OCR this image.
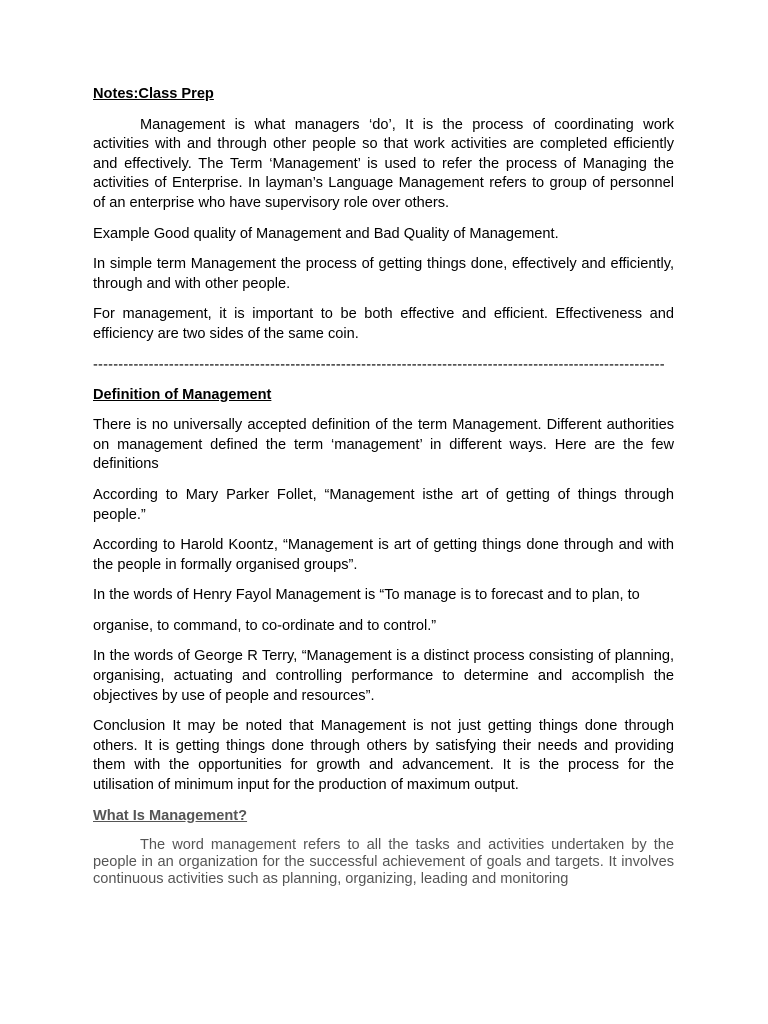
Notes:Class Prep

Management is what managers ‘do’, It is the process of coordinating work activities with and through other people so that work activities are completed efficiently and effectively. The Term ‘Management’ is used to refer the process of Managing the activities of Enterprise. In layman’s Language Management refers to group of personnel of an enterprise who have supervisory role over others.

Example Good quality of Management and Bad Quality of Management.

In simple term Management the process of getting things done, effectively and efficiently, through and with other people.

For management, it is important to be both effective and efficient. Effectiveness and efficiency are two sides of the same coin.

-----------------------------------------------------------------------------------------------------------------
Definition of Management

There is no universally accepted definition of the term Management. Different authorities on management defined the term ‘management’ in different ways. Here are the few definitions

According to Mary Parker Follet, “Management isthe art of getting of things through people.”

According to Harold Koontz, “Management is art of getting things done through and with the people in formally organised groups”.

In the words of Henry Fayol Management is “To manage is to forecast and to plan, to

organise, to command, to co-ordinate and to control.”

In the words of George R Terry, “Management is a distinct process consisting of planning, organising, actuating and controlling performance to determine and accomplish the objectives by use of people and resources”.

Conclusion It may be noted that Management is not just getting things done through others. It is getting things done through others by satisfying their needs and providing them with the opportunities for growth and advancement. It is the process for the utilisation of minimum input for the production of maximum output.

What Is Management?

The word management refers to all the tasks and activities undertaken by the people in an organization for the successful achievement of goals and targets. It involves continuous activities such as planning, organizing, leading and monitoring
